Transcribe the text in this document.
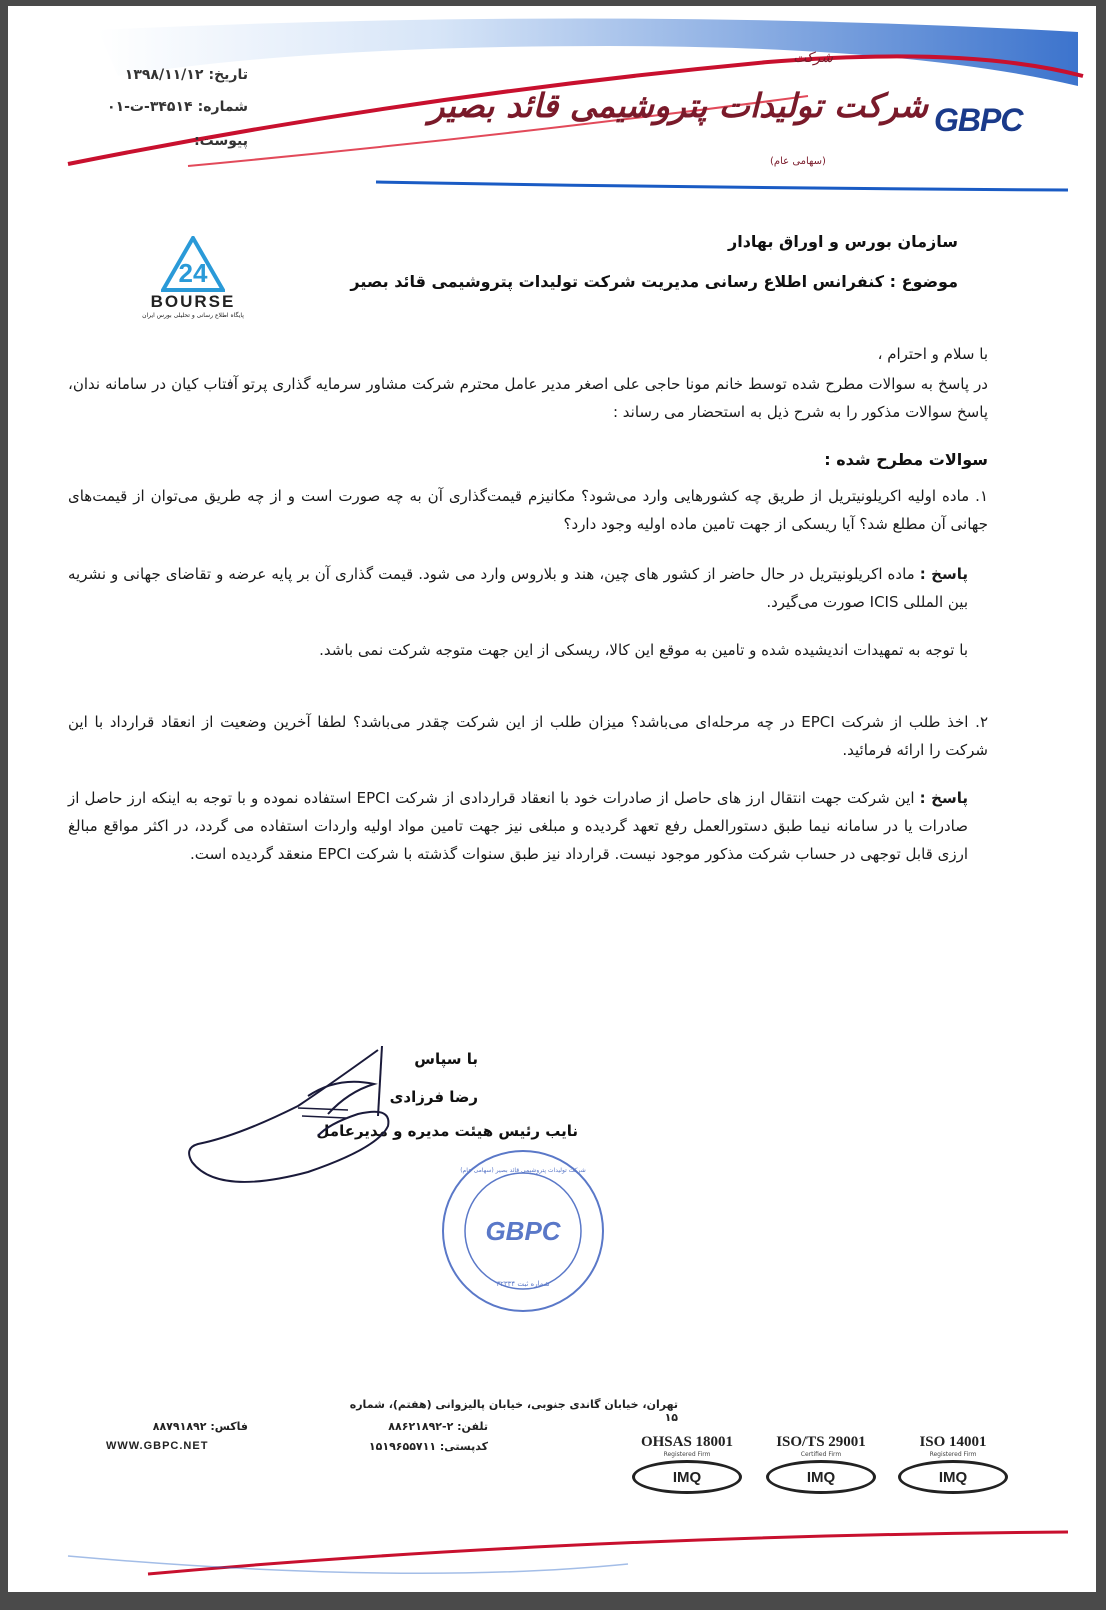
تاریخ: ۱۳۹۸/۱۱/۱۲
شماره: ۳۴۵۱۴-ت-۰۱
پیوست:
شرکت
شرکت تولیدات پتروشیمی قائد بصیر
(سهامی عام)
GBPC
24
BOURSE
پایگاه اطلاع رسانی و تحلیلی بورس ایران
سازمان بورس و اوراق بهادار
موضوع : کنفرانس اطلاع رسانی مدیریت شرکت تولیدات پتروشیمی قائد بصیر
با سلام و احترام ،
در پاسخ به سوالات مطرح شده توسط خانم مونا حاجی علی اصغر مدیر عامل محترم شرکت مشاور سرمایه گذاری پرتو آفتاب کیان در سامانه ندان، پاسخ سوالات مذکور را به شرح ذیل به استحضار می رساند :
سوالات مطرح شده :
۱. ماده اولیه اکریلونیتریل از طریق چه کشورهایی وارد می‌شود؟ مکانیزم قیمت‌گذاری آن به چه صورت است و از چه طریق می‌توان از قیمت‌های جهانی آن مطلع شد؟ آیا ریسکی از جهت تامین ماده اولیه وجود دارد؟
پاسخ : ماده اکریلونیتریل در حال حاضر از کشور های چین، هند و بلاروس وارد می شود. قیمت گذاری آن بر پایه عرضه و تقاضای جهانی و نشریه بین المللی ICIS صورت می‌گیرد.
با توجه به تمهیدات اندیشیده شده و تامین به موقع این کالا، ریسکی از این جهت متوجه شرکت نمی باشد.
۲. اخذ طلب از شرکت EPCI در چه مرحله‌ای می‌باشد؟ میزان طلب از این شرکت چقدر می‌باشد؟ لطفا آخرین وضعیت از انعقاد قرارداد با این شرکت را ارائه فرمائید.
پاسخ : این شرکت جهت انتقال ارز های حاصل از صادرات خود با انعقاد قراردادی از شرکت EPCI استفاده نموده و با توجه به اینکه ارز حاصل از صادرات یا در سامانه نیما طبق دستورالعمل رفع تعهد گردیده و مبلغی نیز جهت تامین مواد اولیه واردات استفاده می گردد، در اکثر مواقع مبالغ ارزی قابل توجهی در حساب شرکت مذکور موجود نیست. قرارداد نیز طبق سنوات گذشته با شرکت EPCI منعقد گردیده است.
با سپاس
رضا فرزادی
نایب رئیس هیئت مدیره و مدیرعامل
GBPC
شماره ثبت ۳۲۳۳۴
شرکت تولیدات پتروشیمی قائد بصیر (سهامی عام)
تهران، خیابان گاندی جنوبی، خیابان پالیزوانی (هفتم)، شماره ۱۵
تلفن: ۲-۸۸۶۲۱۸۹۲
کدپستی: ۱۵۱۹۶۵۵۷۱۱
فاکس: ۸۸۷۹۱۸۹۲
WWW.GBPC.NET	OHSAS 18001
Registered Firm
IMQ
ISO/TS 29001
Certified Firm
IMQ
ISO 14001
Registered Firm
IMQ
